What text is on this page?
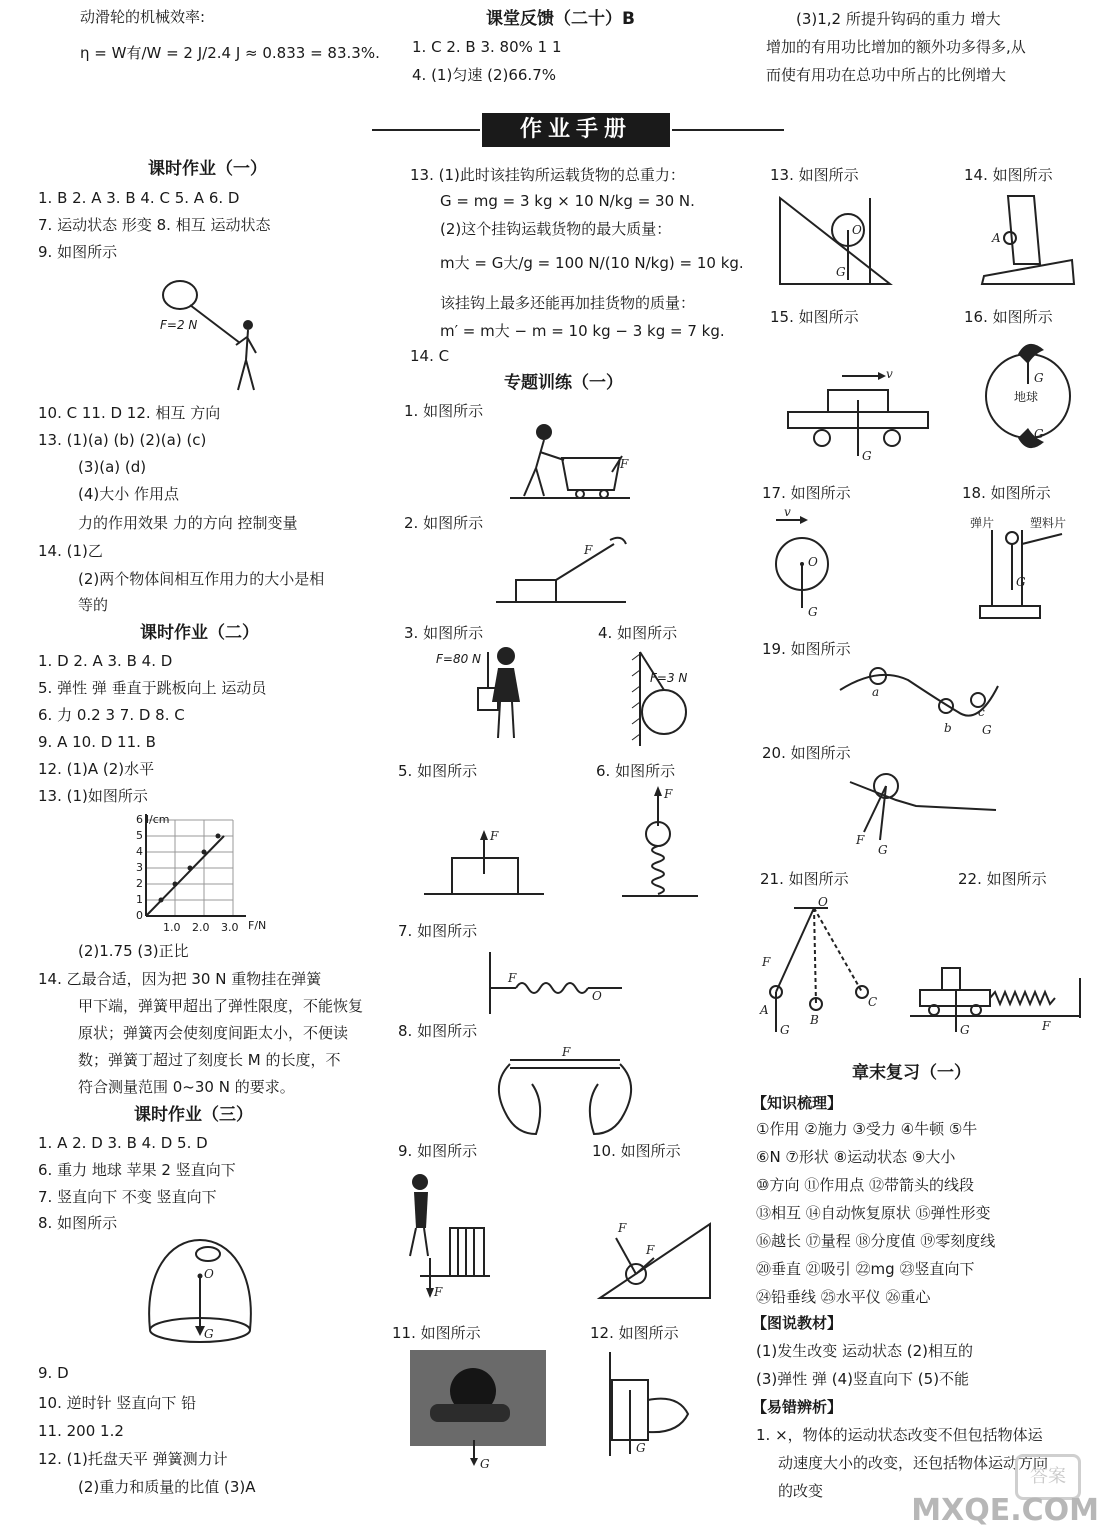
动滑轮的机械效率:
η = W有/W = 2 J/2.4 J ≈ 0.833 = 83.3%.
课堂反馈（二十）B
1. C 2. B 3. 80% 1 1
4. (1)匀速 (2)66.7%
(3)1,2 所提升钩码的重力 增大
增加的有用功比增加的额外功多得多,从
而使有用功在总功中所占的比例增大
作业手册
课时作业（一）
1. B 2. A 3. B 4. C 5. A 6. D
7. 运动状态 形变 8. 相互 运动状态
9. 如图所示
F=2 N
10. C 11. D 12. 相互 方向
13. (1)(a) (b) (2)(a) (c)
(3)(a) (d)
(4)大小 作用点
力的作用效果 力的方向 控制变量
14. (1)乙
(2)两个物体间相互作用力的大小是相
等的
课时作业（二）
1. D 2. A 3. B 4. D
5. 弹性 弹 垂直于跳板向上 运动员
6. 力 0.2 3 7. D 8. C
9. A 10. D 11. B
12. (1)A (2)水平
13. (1)如图所示
l/cm
F/N
0
1
2
3
4
5
6
1.0 2.0 3.0
(2)1.75 (3)正比
14. 乙最合适，因为把 30 N 重物挂在弹簧
甲下端，弹簧甲超出了弹性限度，不能恢复
原状；弹簧丙会使刻度间距太小，不便读
数；弹簧丁超过了刻度长 M 的长度，不
符合测量范围 0~30 N 的要求。
课时作业（三）
1. A 2. D 3. B 4. D 5. D
6. 重力 地球 苹果 2 竖直向下
7. 竖直向下 不变 竖直向下
8. 如图所示
O
G
9. D
10. 逆时针 竖直向下 铅
11. 200 1.2
12. (1)托盘天平 弹簧测力计
(2)重力和质量的比值 (3)A
13. (1)此时该挂钩所运载货物的总重力：
G = mg = 3 kg × 10 N/kg = 30 N.
(2)这个挂钩运载货物的最大质量：
m大 = G大/g = 100 N/(10 N/kg) = 10 kg.
该挂钩上最多还能再加挂货物的质量：
m′ = m大 − m = 10 kg − 3 kg = 7 kg.
14. C
专题训练（一）
1. 如图所示
F
2. 如图所示
F
3. 如图所示
F=80 N
4. 如图所示
F=3 N
5. 如图所示
F
6. 如图所示
F
7. 如图所示
F
O
8. 如图所示
F
9. 如图所示
F
10. 如图所示
F
F
11. 如图所示
G
12. 如图所示
G
13. 如图所示
O
G
14. 如图所示
A
15. 如图所示
v
G
16. 如图所示
G
G
地球
17. 如图所示
v
O
G
18. 如图所示
G
弹片	塑料片
19. 如图所示
a
b
c
G
20. 如图所示
F
G
21. 如图所示
O
F
A
B
C
G
22. 如图所示
F
G
章末复习（一）
【知识梳理】
①作用 ②施力 ③受力 ④牛顿 ⑤牛
⑥N ⑦形状 ⑧运动状态 ⑨大小
⑩方向 ⑪作用点 ⑫带箭头的线段
⑬相互 ⑭自动恢复原状 ⑮弹性形变
⑯越长 ⑰量程 ⑱分度值 ⑲零刻度线
⑳垂直 ㉑吸引 ㉒mg ㉓竖直向下
㉔铅垂线 ㉕水平仪 ㉖重心
【图说教材】
(1)发生改变 运动状态 (2)相互的
(3)弹性 弹 (4)竖直向下 (5)不能
【易错辨析】
1. ×，物体的运动状态改变不但包括物体运
动速度大小的改变，还包括物体运动方向
的改变
答案
MXQE.COM
